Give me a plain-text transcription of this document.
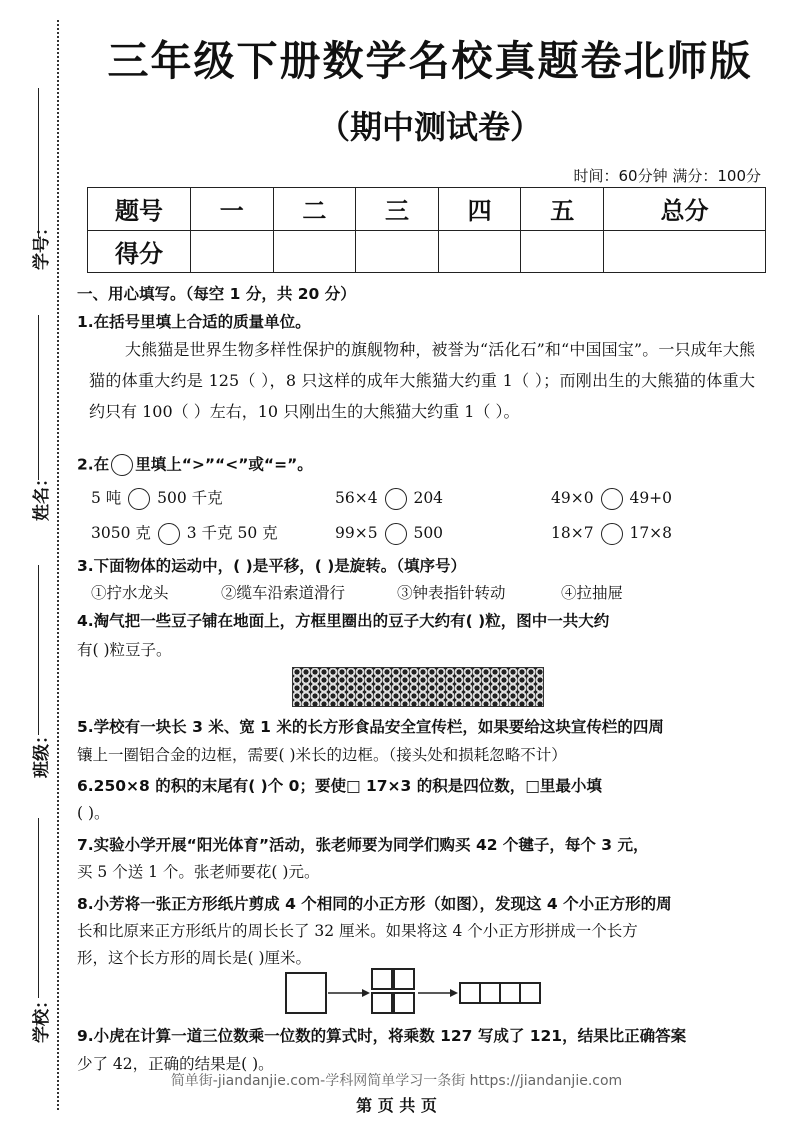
学号：
姓名：
班级：
学校：
三年级下册数学名校真题卷北师版
（期中测试卷）
时间：60分钟 满分：100分
题号	一	二	三	四	五	总分
得分						
一、用心填写。（每空 1 分，共 20 分）
1.在括号里填上合适的质量单位。
大熊猫是世界生物多样性保护的旗舰物种，被誉为“活化石”和“中国国宝”。一只成年大熊猫的体重大约是 125（ ），8 只这样的成年大熊猫大约重 1（ ）；而刚出生的大熊猫的体重大约只有 100（ ）左右，10 只刚出生的大熊猫大约重 1（ ）。
2.在 里填上“>”“<”或“=”。
5 吨 500 千克	56×4 204	49×0 49+0
3050 克 3 千克 50 克	99×5 500	18×7 17×8
3.下面物体的运动中，( )是平移，( )是旋转。（填序号）
①拧水龙头	②缆车沿索道滑行	③钟表指针转动	④拉抽屉
4.淘气把一些豆子铺在地面上，方框里圈出的豆子大约有( )粒，图中一共大约
有( )粒豆子。
5.学校有一块长 3 米、宽 1 米的长方形食品安全宣传栏，如果要给这块宣传栏的四周
镶上一圈铝合金的边框，需要( )米长的边框。（接头处和损耗忽略不计）
6.250×8 的积的末尾有( )个 0；要使□ 17×3 的积是四位数，□里最小填
( )。
7.实验小学开展“阳光体育”活动，张老师要为同学们购买 42 个毽子，每个 3 元，
买 5 个送 1 个。张老师要花( )元。
8.小芳将一张正方形纸片剪成 4 个相同的小正方形（如图），发现这 4 个小正方形的周
长和比原来正方形纸片的周长长了 32 厘米。如果将这 4 个小正方形拼成一个长方
形，这个长方形的周长是( )厘米。
9.小虎在计算一道三位数乘一位数的算式时，将乘数 127 写成了 121，结果比正确答案
少了 42，正确的结果是( )。
简单街-jiandanjie.com-学科网简单学习一条街 https://jiandanjie.com
第 页 共 页
